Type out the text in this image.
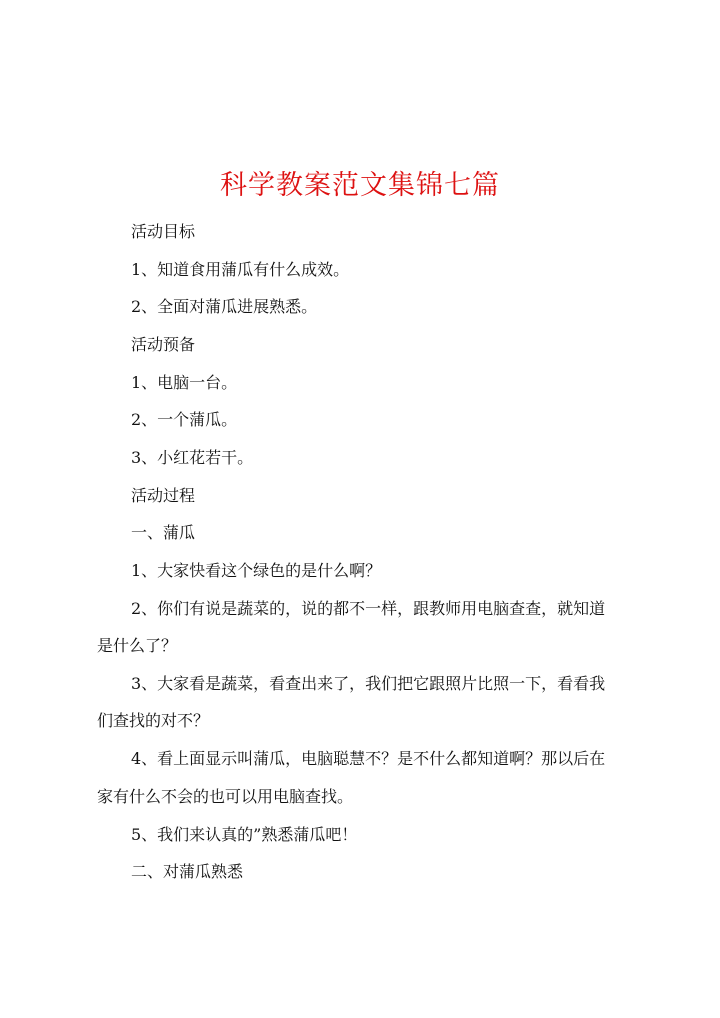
科学教案范文集锦七篇

活动目标

1、知道食用蒲瓜有什么成效。

2、全面对蒲瓜进展熟悉。

活动预备

1、电脑一台。

2、一个蒲瓜。

3、小红花若干。

活动过程

一、蒲瓜

1、大家快看这个绿色的是什么啊？

2、你们有说是蔬菜的，说的都不一样，跟教师用电脑查查，就知道

是什么了？

3、大家看是蔬菜，看查出来了，我们把它跟照片比照一下，看看我

们查找的对不？

4、看上面显示叫蒲瓜，电脑聪慧不？是不什么都知道啊？那以后在

家有什么不会的也可以用电脑查找。

5、我们来认真的”熟悉蒲瓜吧！

二、对蒲瓜熟悉
